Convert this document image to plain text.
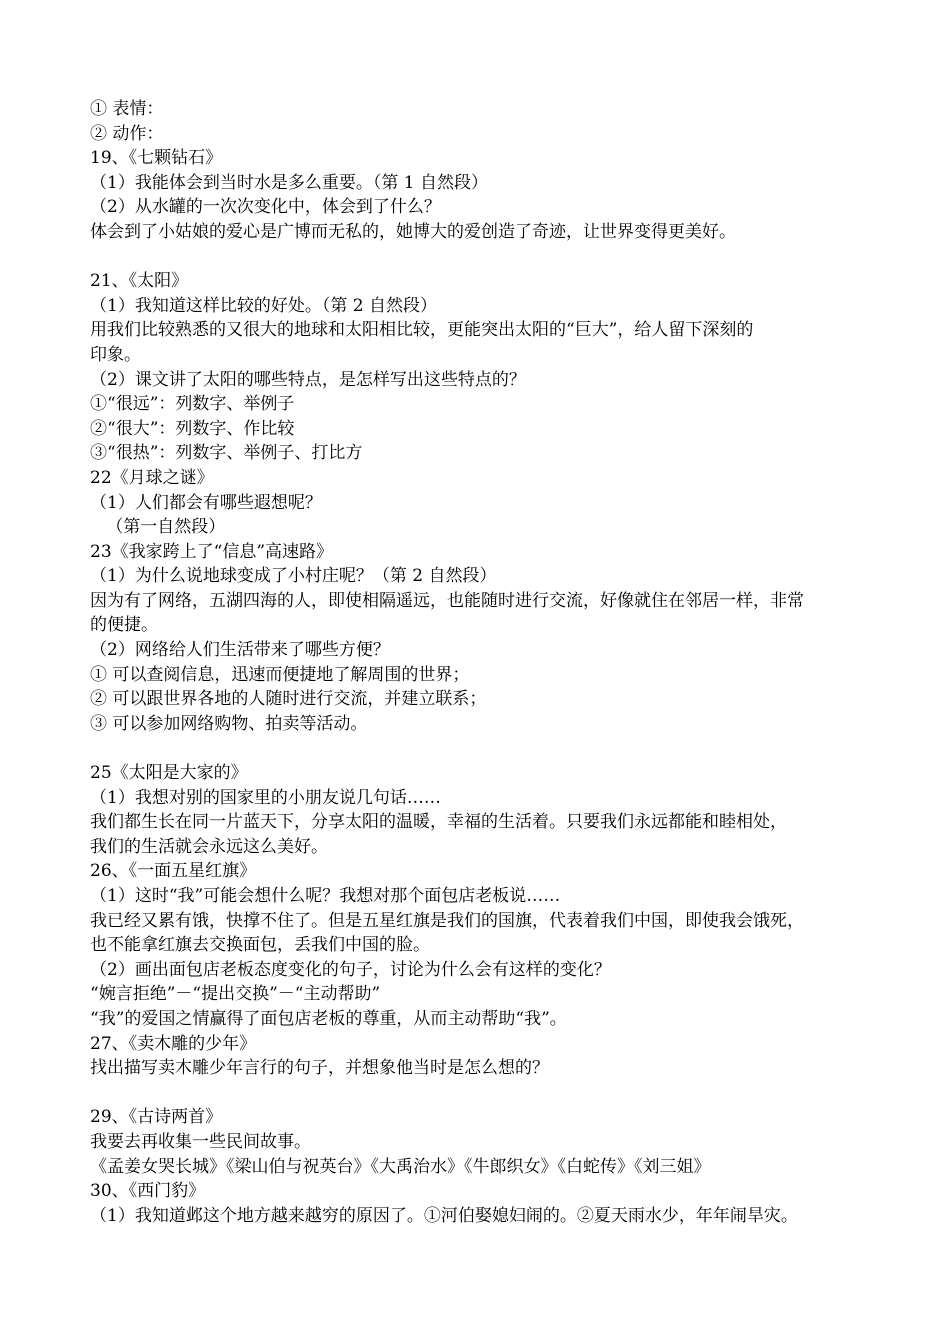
① 表情：

② 动作：

19、《七颗钻石》

（1）我能体会到当时水是多么重要。（第 1 自然段）

（2）从水罐的一次次变化中，体会到了什么？

体会到了小姑娘的爱心是广博而无私的，她博大的爱创造了奇迹，让世界变得更美好。

21、《太阳》

（1）我知道这样比较的好处。（第 2 自然段）

用我们比较熟悉的又很大的地球和太阳相比较，更能突出太阳的“巨大”，给人留下深刻的

印象。

（2）课文讲了太阳的哪些特点，是怎样写出这些特点的？

①“很远”：列数字、举例子

②“很大”：列数字、作比较

③“很热”：列数字、举例子、打比方

22《月球之谜》

（1）人们都会有哪些遐想呢？

（第一自然段）

23《我家跨上了“信息”高速路》

（1）为什么说地球变成了小村庄呢？（第 2 自然段）

因为有了网络，五湖四海的人，即使相隔遥远，也能随时进行交流，好像就住在邻居一样，非常

的便捷。

（2）网络给人们生活带来了哪些方便？

① 可以查阅信息，迅速而便捷地了解周围的世界；

② 可以跟世界各地的人随时进行交流，并建立联系；

③ 可以参加网络购物、拍卖等活动。

25《太阳是大家的》

（1）我想对别的国家里的小朋友说几句话……

我们都生长在同一片蓝天下，分享太阳的温暖，幸福的生活着。只要我们永远都能和睦相处，

我们的生活就会永远这么美好。

26、《一面五星红旗》

（1）这时“我”可能会想什么呢？我想对那个面包店老板说……

我已经又累有饿，快撑不住了。但是五星红旗是我们的国旗，代表着我们中国，即使我会饿死，

也不能拿红旗去交换面包，丢我们中国的脸。

（2）画出面包店老板态度变化的句子，讨论为什么会有这样的变化？

“婉言拒绝”－“提出交换”－“主动帮助”

“我”的爱国之情赢得了面包店老板的尊重，从而主动帮助“我”。

27、《卖木雕的少年》

找出描写卖木雕少年言行的句子，并想象他当时是怎么想的？

29、《古诗两首》

我要去再收集一些民间故事。

《孟姜女哭长城》《梁山伯与祝英台》《大禹治水》《牛郎织女》《白蛇传》《刘三姐》

30、《西门豹》

（1）我知道邺这个地方越来越穷的原因了。①河伯娶媳妇闹的。②夏天雨水少，年年闹旱灾。
